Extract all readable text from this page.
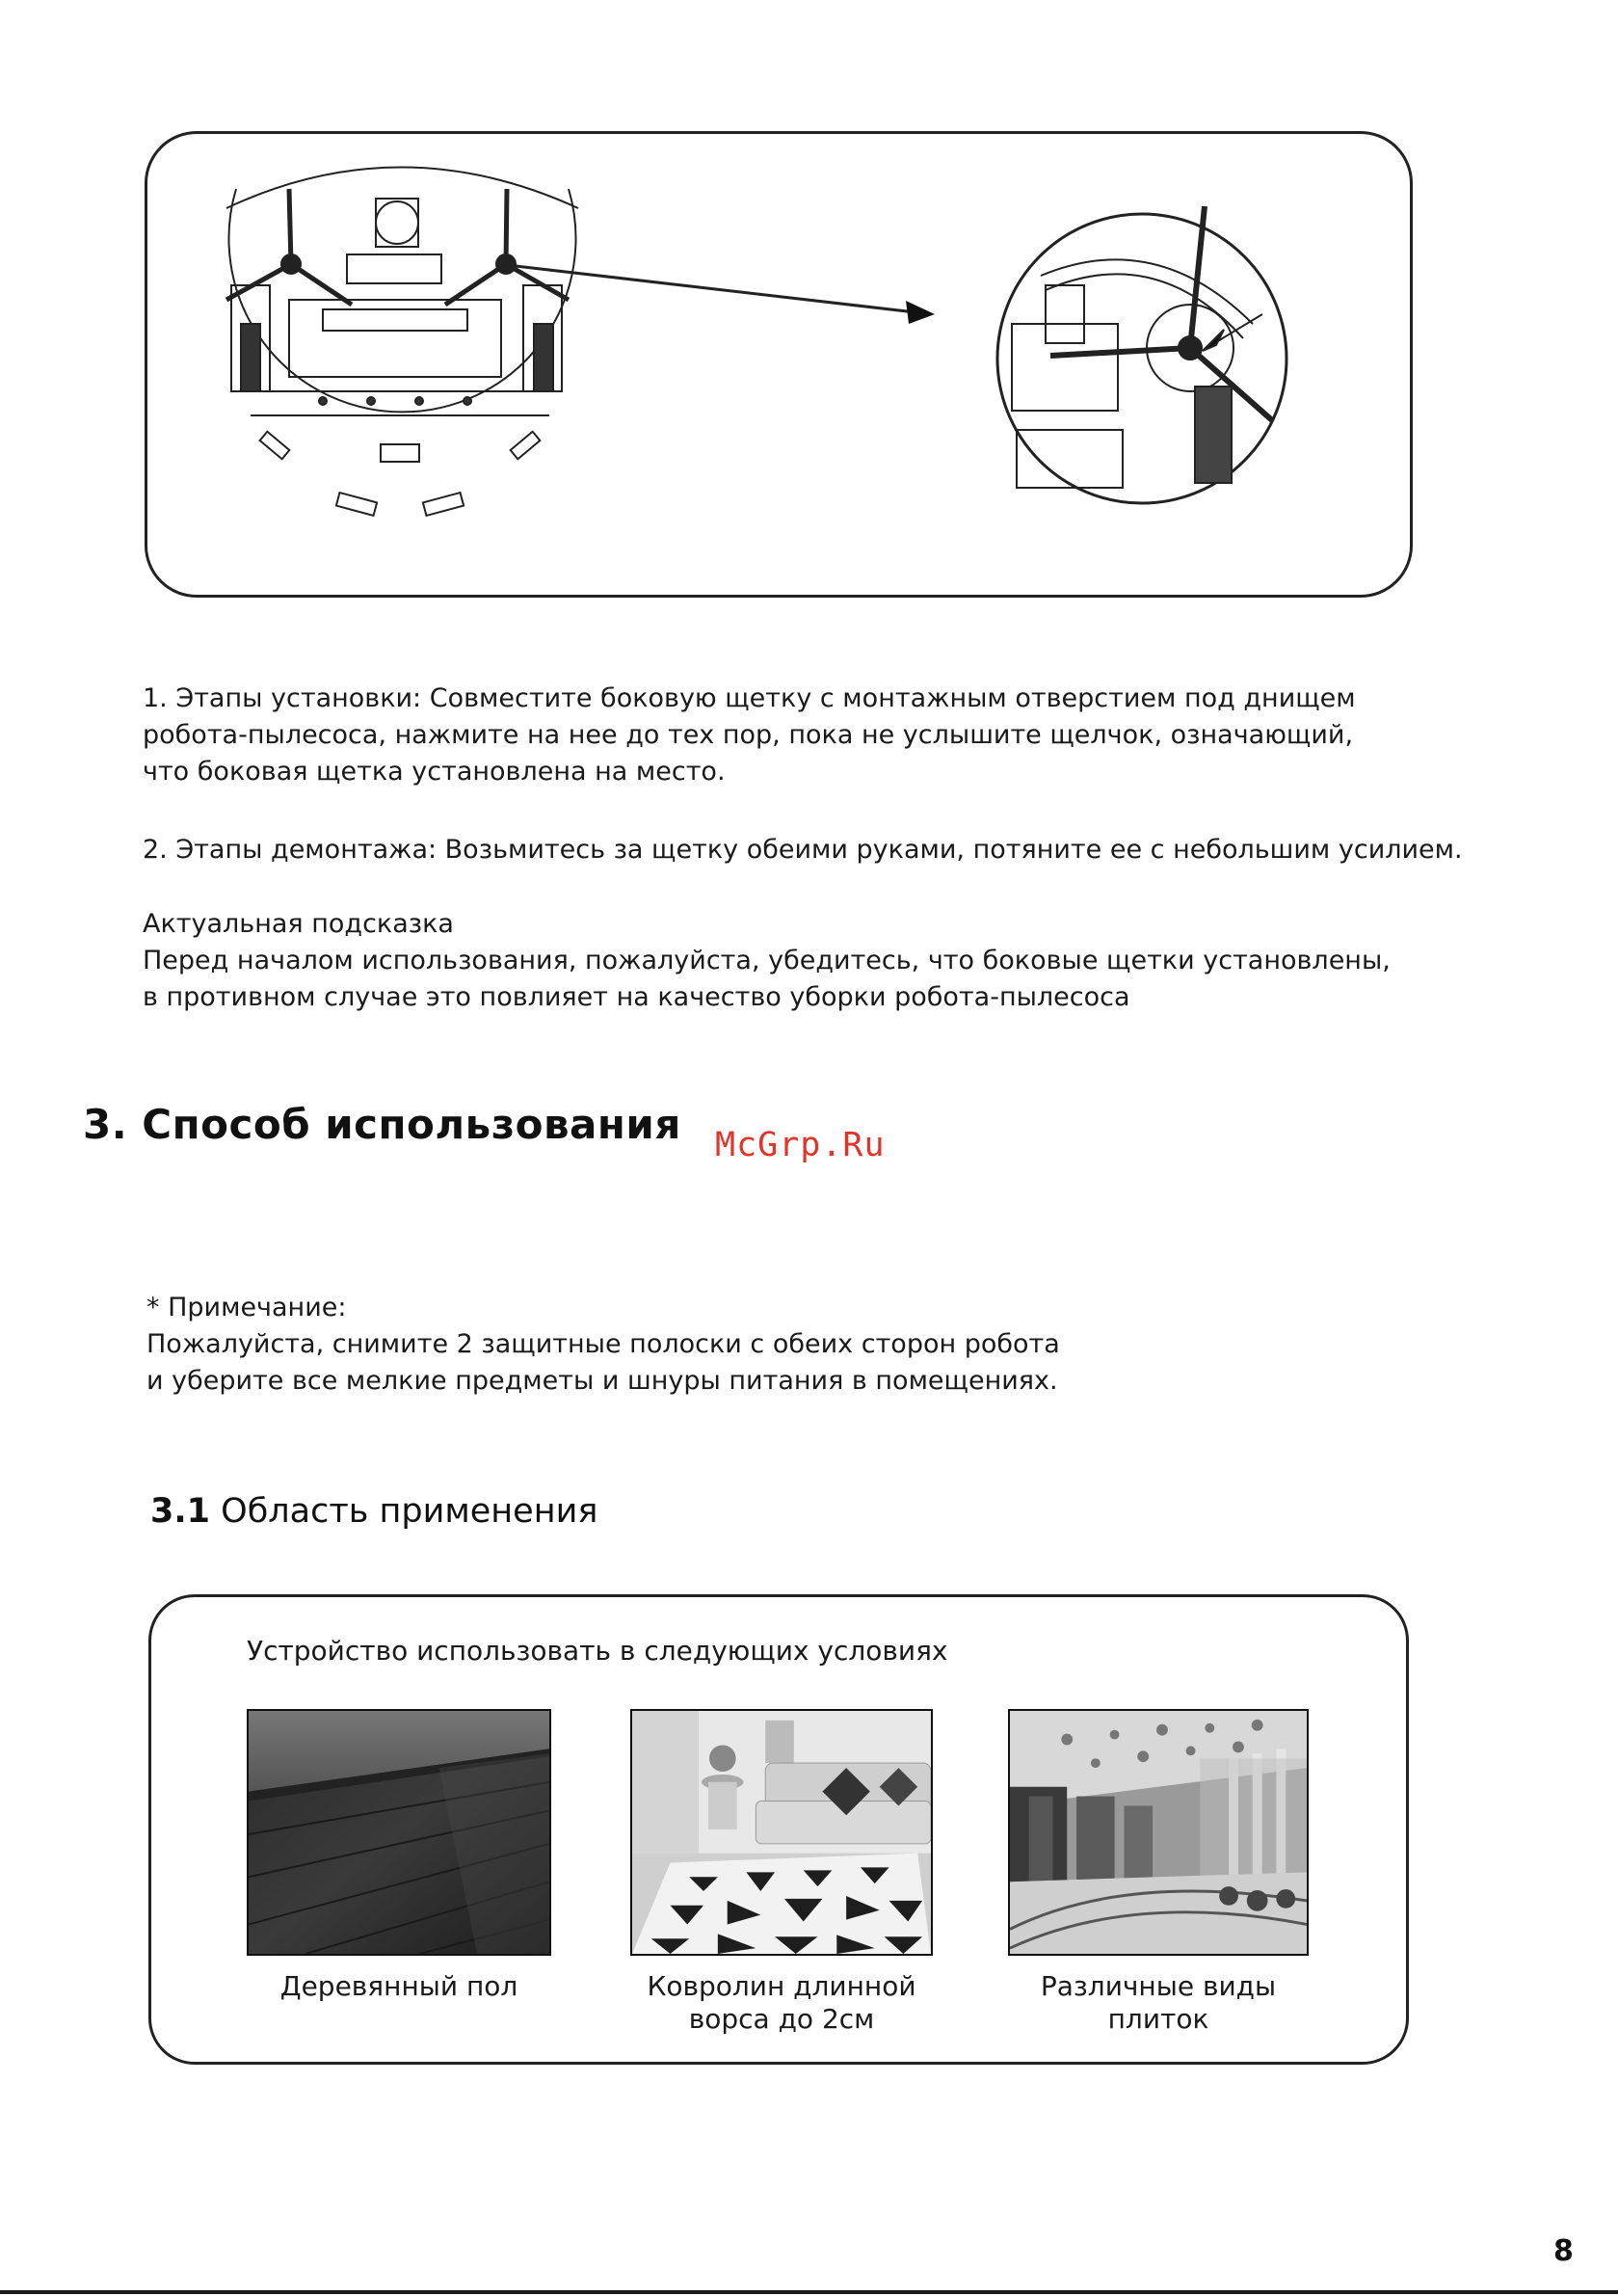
1. Этапы установки: Совместите боковую щетку с монтажным отверстием под днищем
робота-пылесоса, нажмите на нее до тех пор, пока не услышите щелчок, означающий,
что боковая щетка установлена на место.
2. Этапы демонтажа: Возьмитесь за щетку обеими руками, потяните ее с небольшим усилием.
Актуальная подсказка
Перед началом использования, пожалуйста, убедитесь, что боковые щетки установлены,
в противном случае это повлияет на качество уборки робота-пылесоса
3. Способ использования McGrp.Ru
* Примечание:
Пожалуйста, снимите 2 защитные полоски с обеих сторон робота
и уберите все мелкие предметы и шнуры питания в помещениях.
3.1 Область применения
Устройство использовать в следующих условиях
Деревянный пол	Ковролин длинной
ворса до 2см
Различные виды
плиток
8
